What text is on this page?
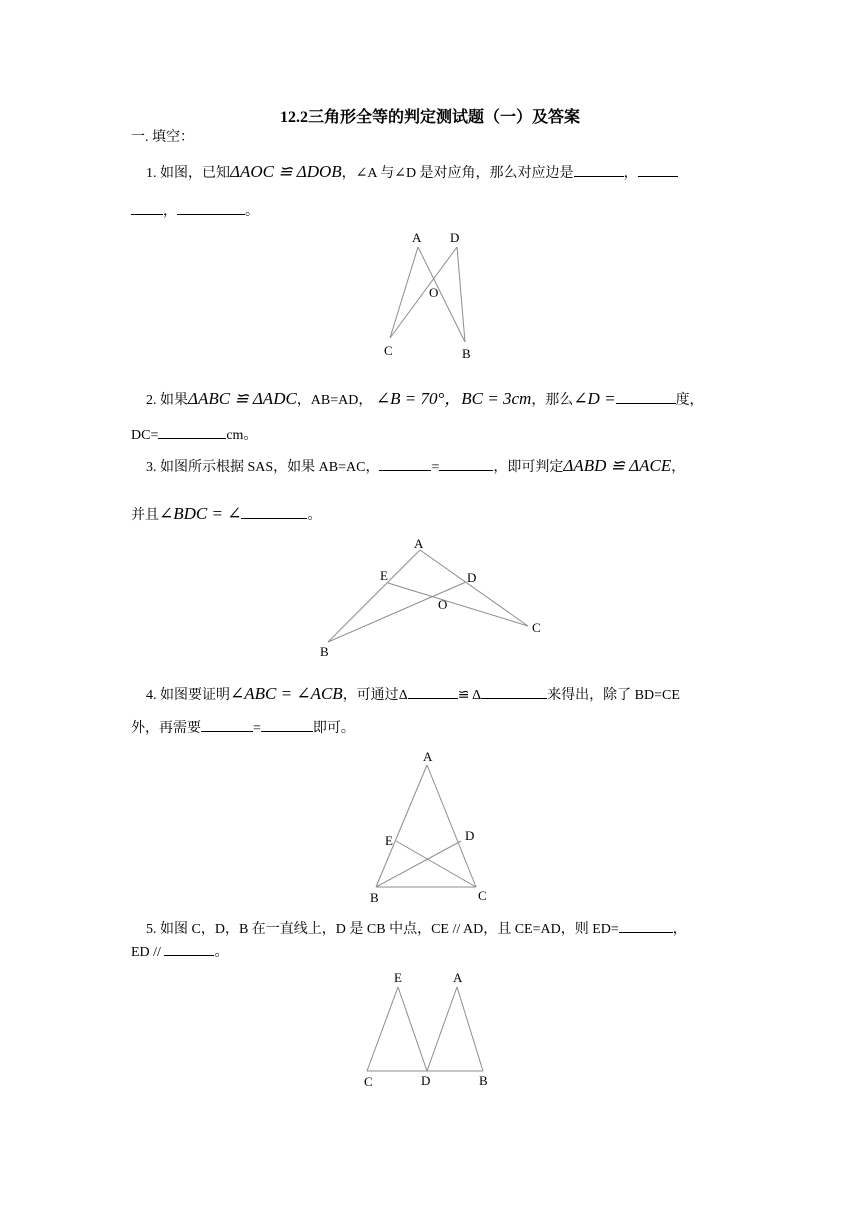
12.2三角形全等的判定测试题（一）及答案
一. 填空：
1. 如图，已知ΔAOC ≌ ΔDOB，∠A 与∠D 是对应角，那么对应边是	，
，	。
A D
O
C	B
2. 如果ΔABC ≌ ΔADC，AB=AD， ∠B = 70°，BC = 3cm，那么∠D =	度，
DC=	cm。
3. 如图所示根据 SAS，如果 AB=AC，	=	，即可判定ΔABD ≌ ΔACE，
并且∠BDC = ∠	。
A
E	D
O
C
B
4. 如图要证明∠ABC = ∠ACB，可通过Δ	≌ Δ	来得出，除了 BD=CE
外，再需要	=	即可。
A
E	D
B	C
5. 如图 C，D，B 在一直线上，D 是 CB 中点，CE // AD，且 CE=AD，则 ED=	，
ED //	。
E	A
C	D	B
